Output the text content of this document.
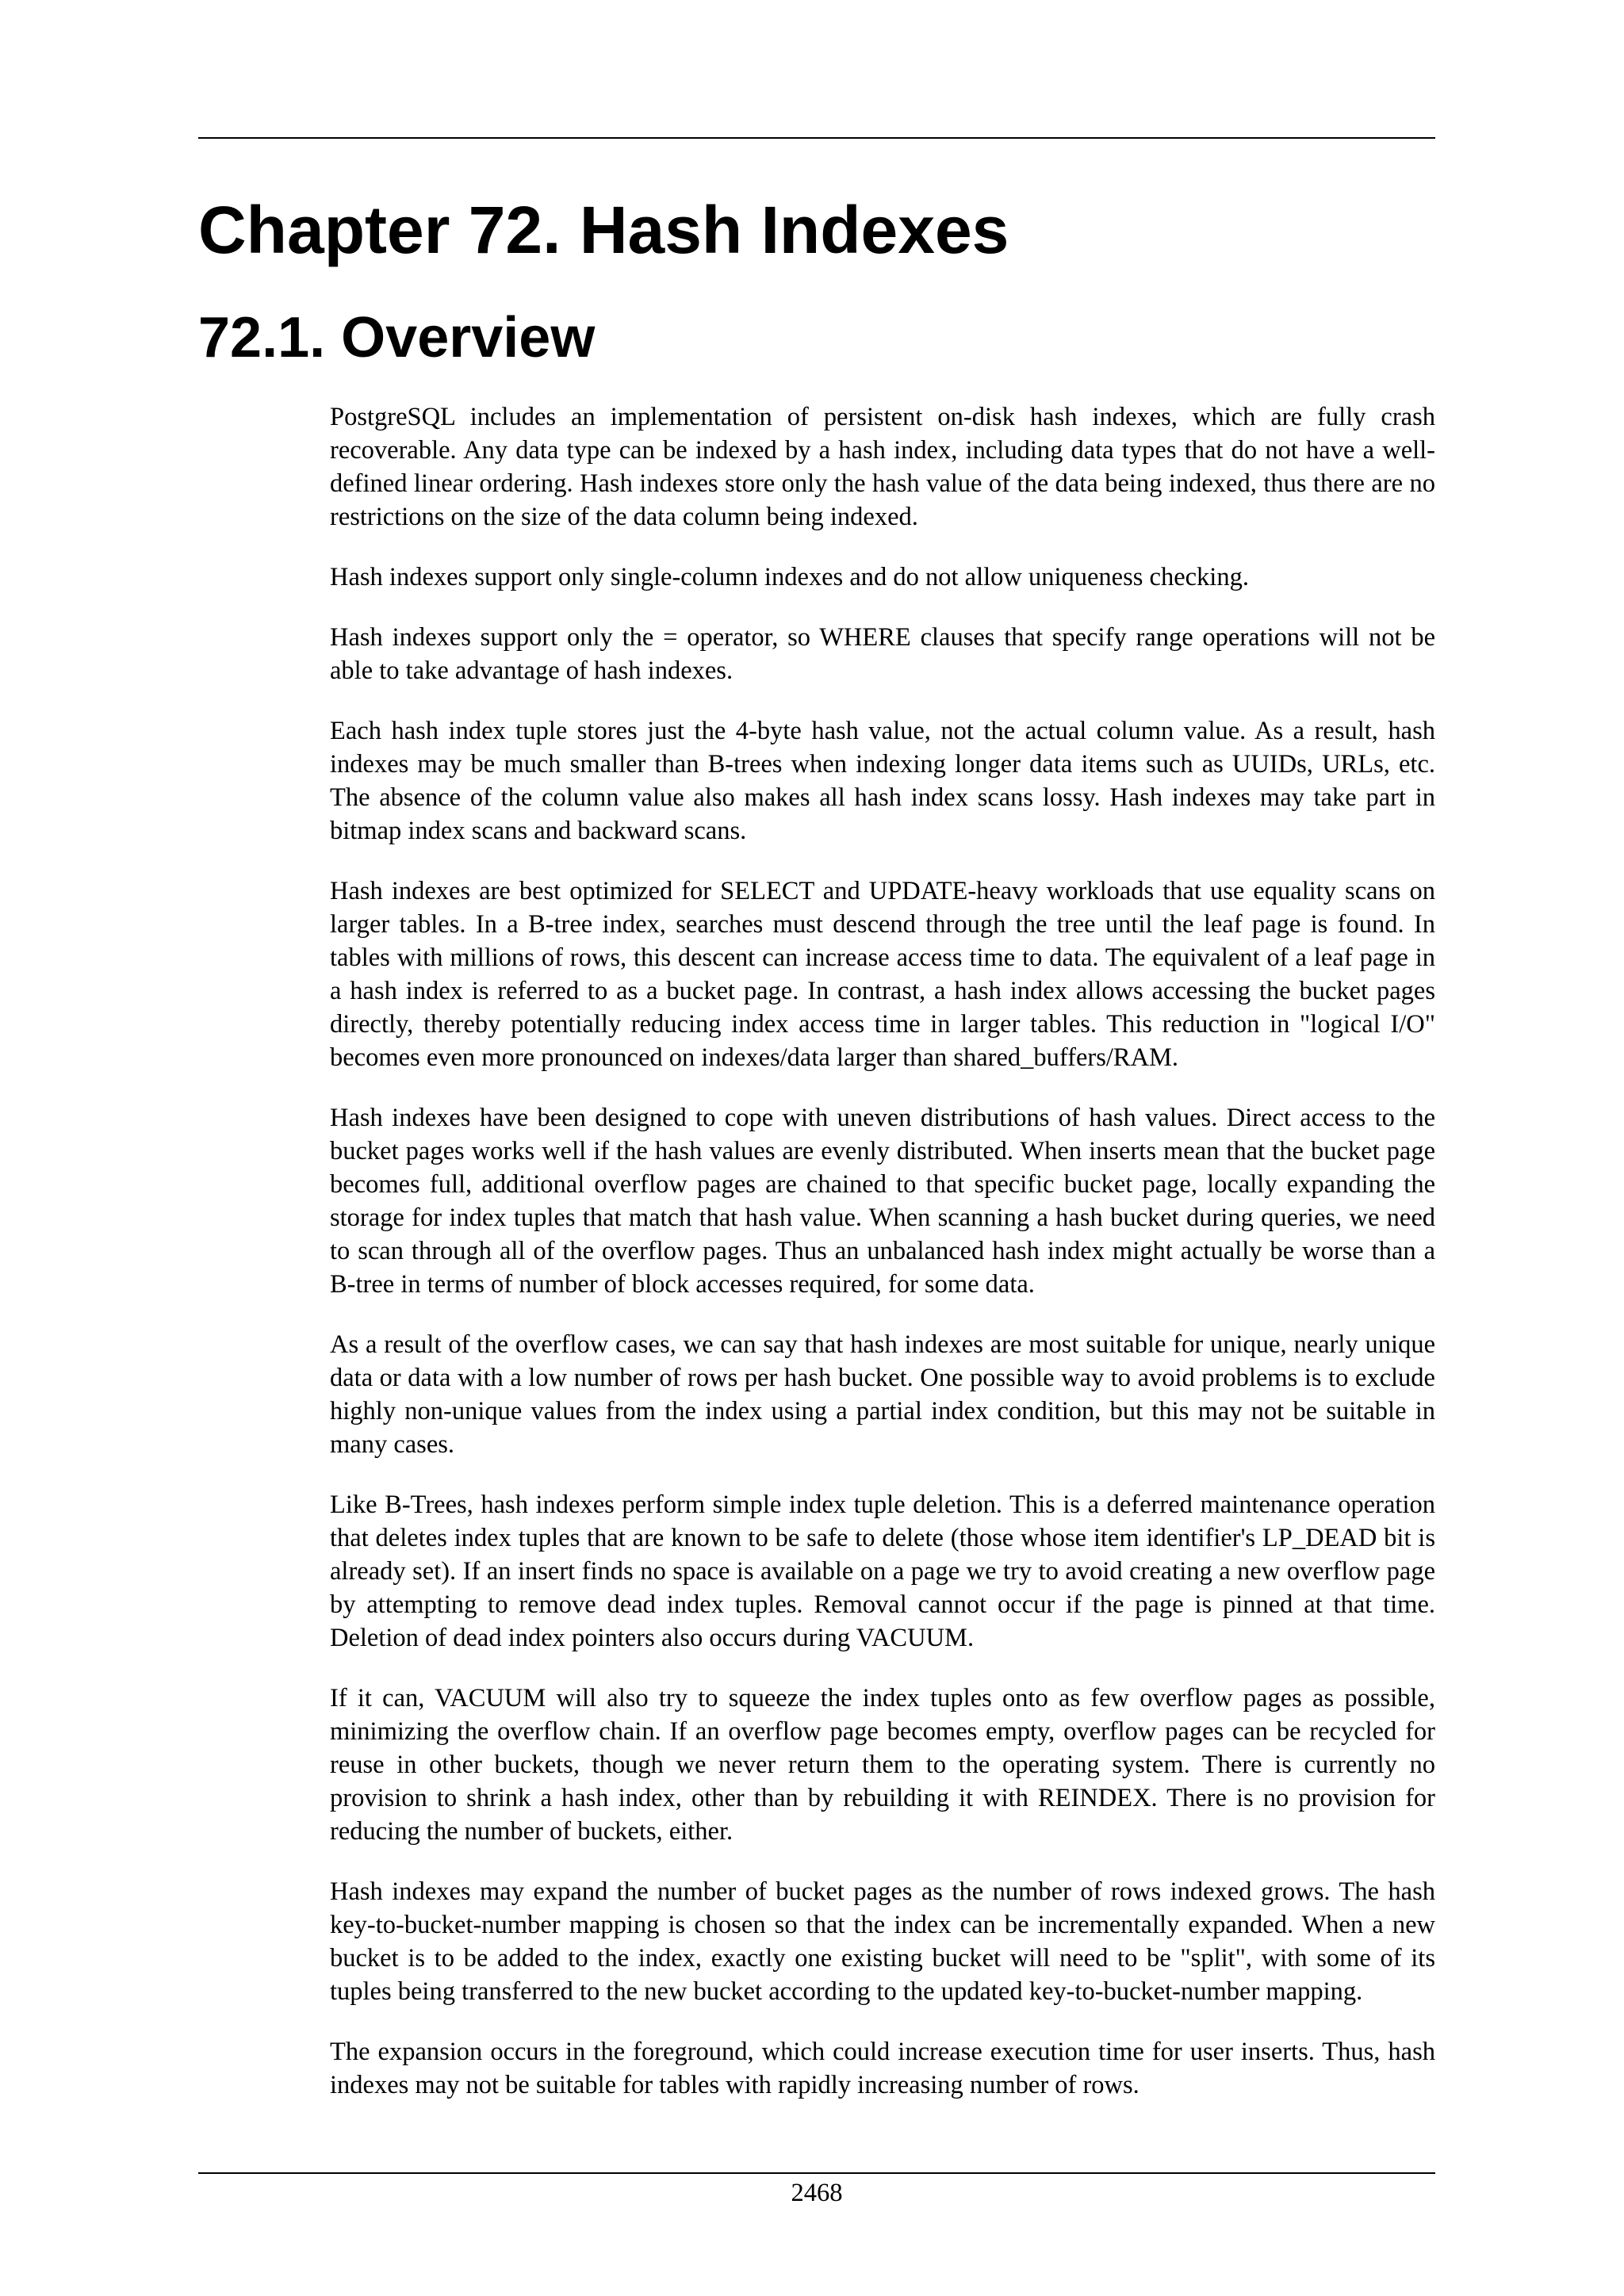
Chapter 72. Hash Indexes
72.1. Overview

PostgreSQL includes an implementation of persistent on-disk hash indexes, which are fully crash recoverable. Any data type can be indexed by a hash index, including data types that do not have a well-defined linear ordering. Hash indexes store only the hash value of the data being indexed, thus there are no restrictions on the size of the data column being indexed.

Hash indexes support only single-column indexes and do not allow uniqueness checking.

Hash indexes support only the = operator, so WHERE clauses that specify range operations will not be able to take advantage of hash indexes.

Each hash index tuple stores just the 4-byte hash value, not the actual column value. As a result, hash indexes may be much smaller than B-trees when indexing longer data items such as UUIDs, URLs, etc. The absence of the column value also makes all hash index scans lossy. Hash indexes may take part in bitmap index scans and backward scans.

Hash indexes are best optimized for SELECT and UPDATE-heavy workloads that use equality scans on larger tables. In a B-tree index, searches must descend through the tree until the leaf page is found. In tables with millions of rows, this descent can increase access time to data. The equivalent of a leaf page in a hash index is referred to as a bucket page. In contrast, a hash index allows accessing the bucket pages directly, thereby potentially reducing index access time in larger tables. This reduction in "logical I/O" becomes even more pronounced on indexes/data larger than shared_buffers/RAM.

Hash indexes have been designed to cope with uneven distributions of hash values. Direct access to the bucket pages works well if the hash values are evenly distributed. When inserts mean that the bucket page becomes full, additional overflow pages are chained to that specific bucket page, locally expanding the storage for index tuples that match that hash value. When scanning a hash bucket during queries, we need to scan through all of the overflow pages. Thus an unbalanced hash index might actually be worse than a B-tree in terms of number of block accesses required, for some data.

As a result of the overflow cases, we can say that hash indexes are most suitable for unique, nearly unique data or data with a low number of rows per hash bucket. One possible way to avoid problems is to exclude highly non-unique values from the index using a partial index condition, but this may not be suitable in many cases.

Like B-Trees, hash indexes perform simple index tuple deletion. This is a deferred maintenance operation that deletes index tuples that are known to be safe to delete (those whose item identifier's LP_DEAD bit is already set). If an insert finds no space is available on a page we try to avoid creating a new overflow page by attempting to remove dead index tuples. Removal cannot occur if the page is pinned at that time. Deletion of dead index pointers also occurs during VACUUM.

If it can, VACUUM will also try to squeeze the index tuples onto as few overflow pages as possible, minimizing the overflow chain. If an overflow page becomes empty, overflow pages can be recycled for reuse in other buckets, though we never return them to the operating system. There is currently no provision to shrink a hash index, other than by rebuilding it with REINDEX. There is no provision for reducing the number of buckets, either.

Hash indexes may expand the number of bucket pages as the number of rows indexed grows. The hash key-to-bucket-number mapping is chosen so that the index can be incrementally expanded. When a new bucket is to be added to the index, exactly one existing bucket will need to be "split", with some of its tuples being transferred to the new bucket according to the updated key-to-bucket-number mapping.

The expansion occurs in the foreground, which could increase execution time for user inserts. Thus, hash indexes may not be suitable for tables with rapidly increasing number of rows.

2468
